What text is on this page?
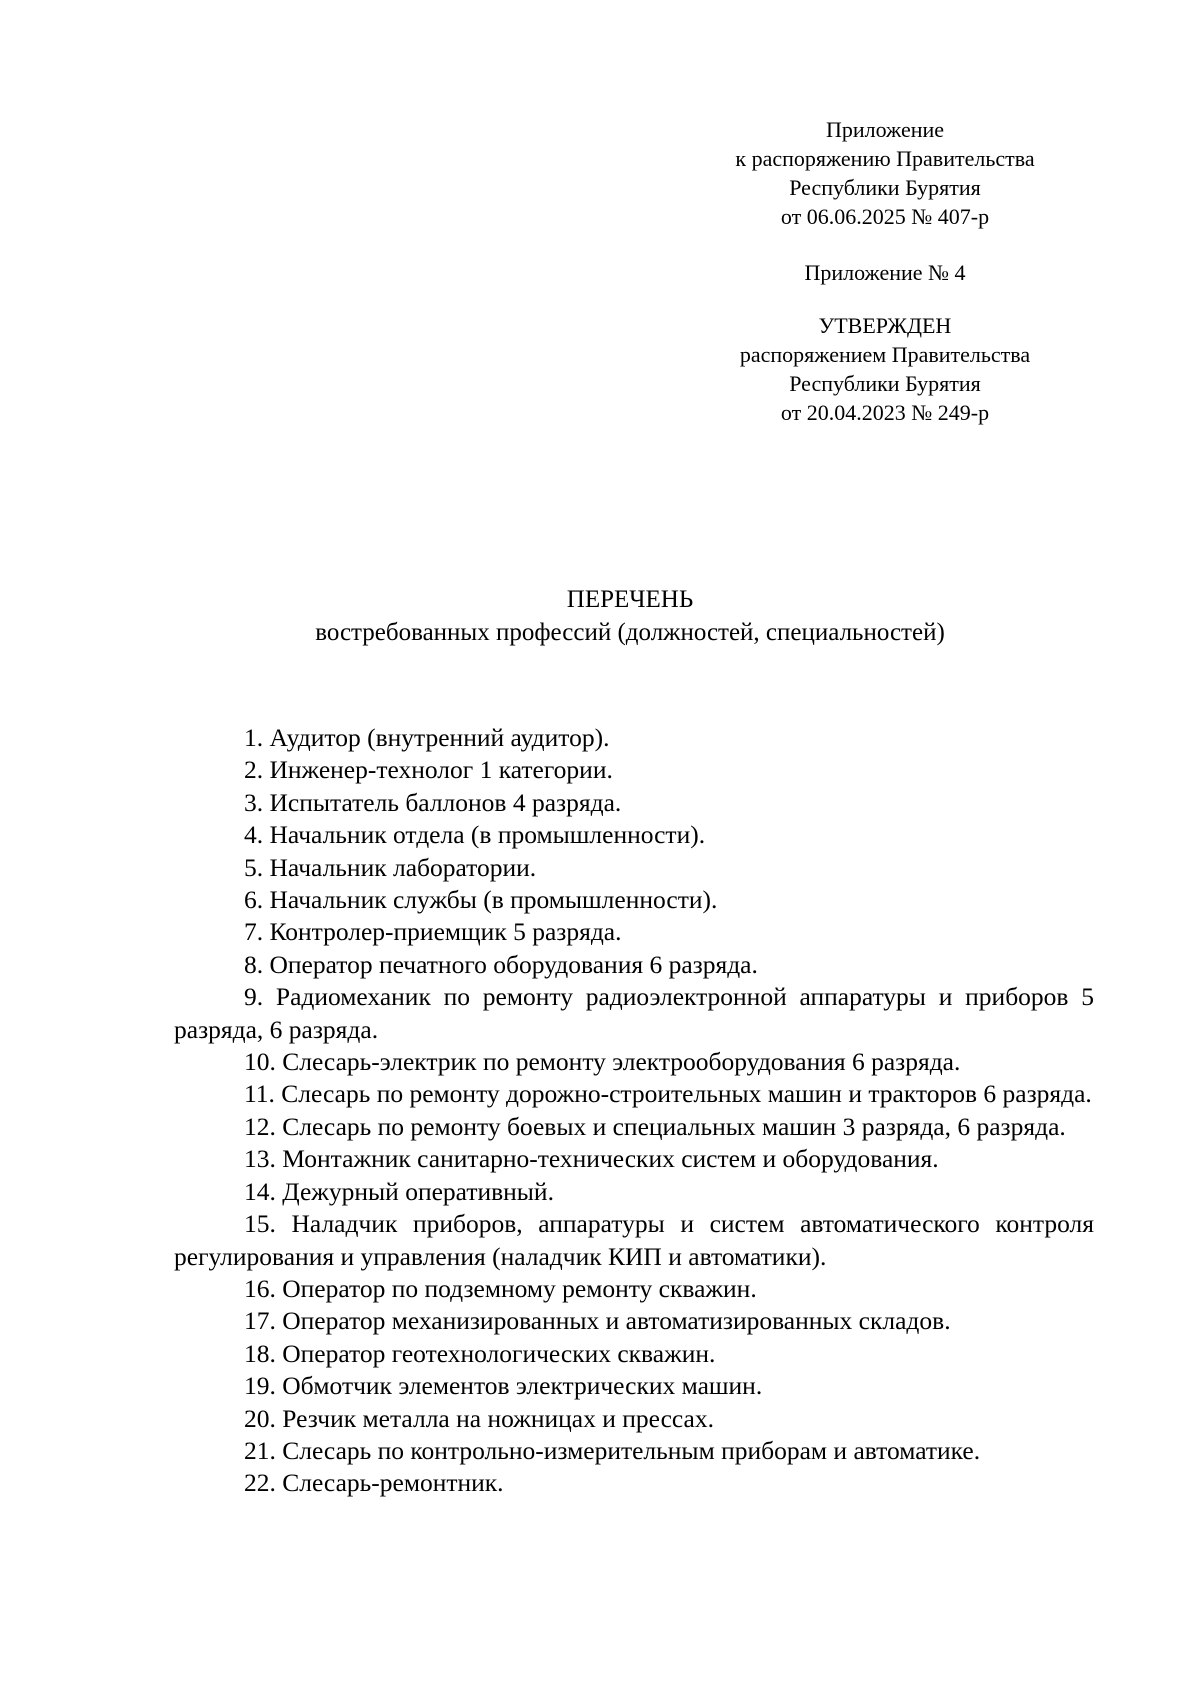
Приложение
к распоряжению Правительства
Республики Бурятия
от 06.06.2025 № 407-р
Приложение № 4
УТВЕРЖДЕН
распоряжением Правительства
Республики Бурятия
от 20.04.2023 № 249-р
ПЕРЕЧЕНЬ
востребованных профессий (должностей, специальностей)

1. Аудитор (внутренний аудитор).

2. Инженер-технолог 1 категории.

3. Испытатель баллонов 4 разряда.

4. Начальник отдела (в промышленности).

5. Начальник лаборатории.

6. Начальник службы (в промышленности).

7. Контролер-приемщик 5 разряда.

8. Оператор печатного оборудования 6 разряда.

9. Радиомеханик по ремонту радиоэлектронной аппаратуры и приборов 5 разряда, 6 разряда.

10. Слесарь-электрик по ремонту электрооборудования 6 разряда.

11. Слесарь по ремонту дорожно-строительных машин и тракторов 6 разряда.

12. Слесарь по ремонту боевых и специальных машин 3 разряда, 6 разряда.

13. Монтажник санитарно-технических систем и оборудования.

14. Дежурный оперативный.

15. Наладчик приборов, аппаратуры и систем автоматического контроля регулирования и управления (наладчик КИП и автоматики).

16. Оператор по подземному ремонту скважин.

17. Оператор механизированных и автоматизированных складов.

18. Оператор геотехнологических скважин.

19. Обмотчик элементов электрических машин.

20. Резчик металла на ножницах и прессах.

21. Слесарь по контрольно-измерительным приборам и автоматике.

22. Слесарь-ремонтник.
